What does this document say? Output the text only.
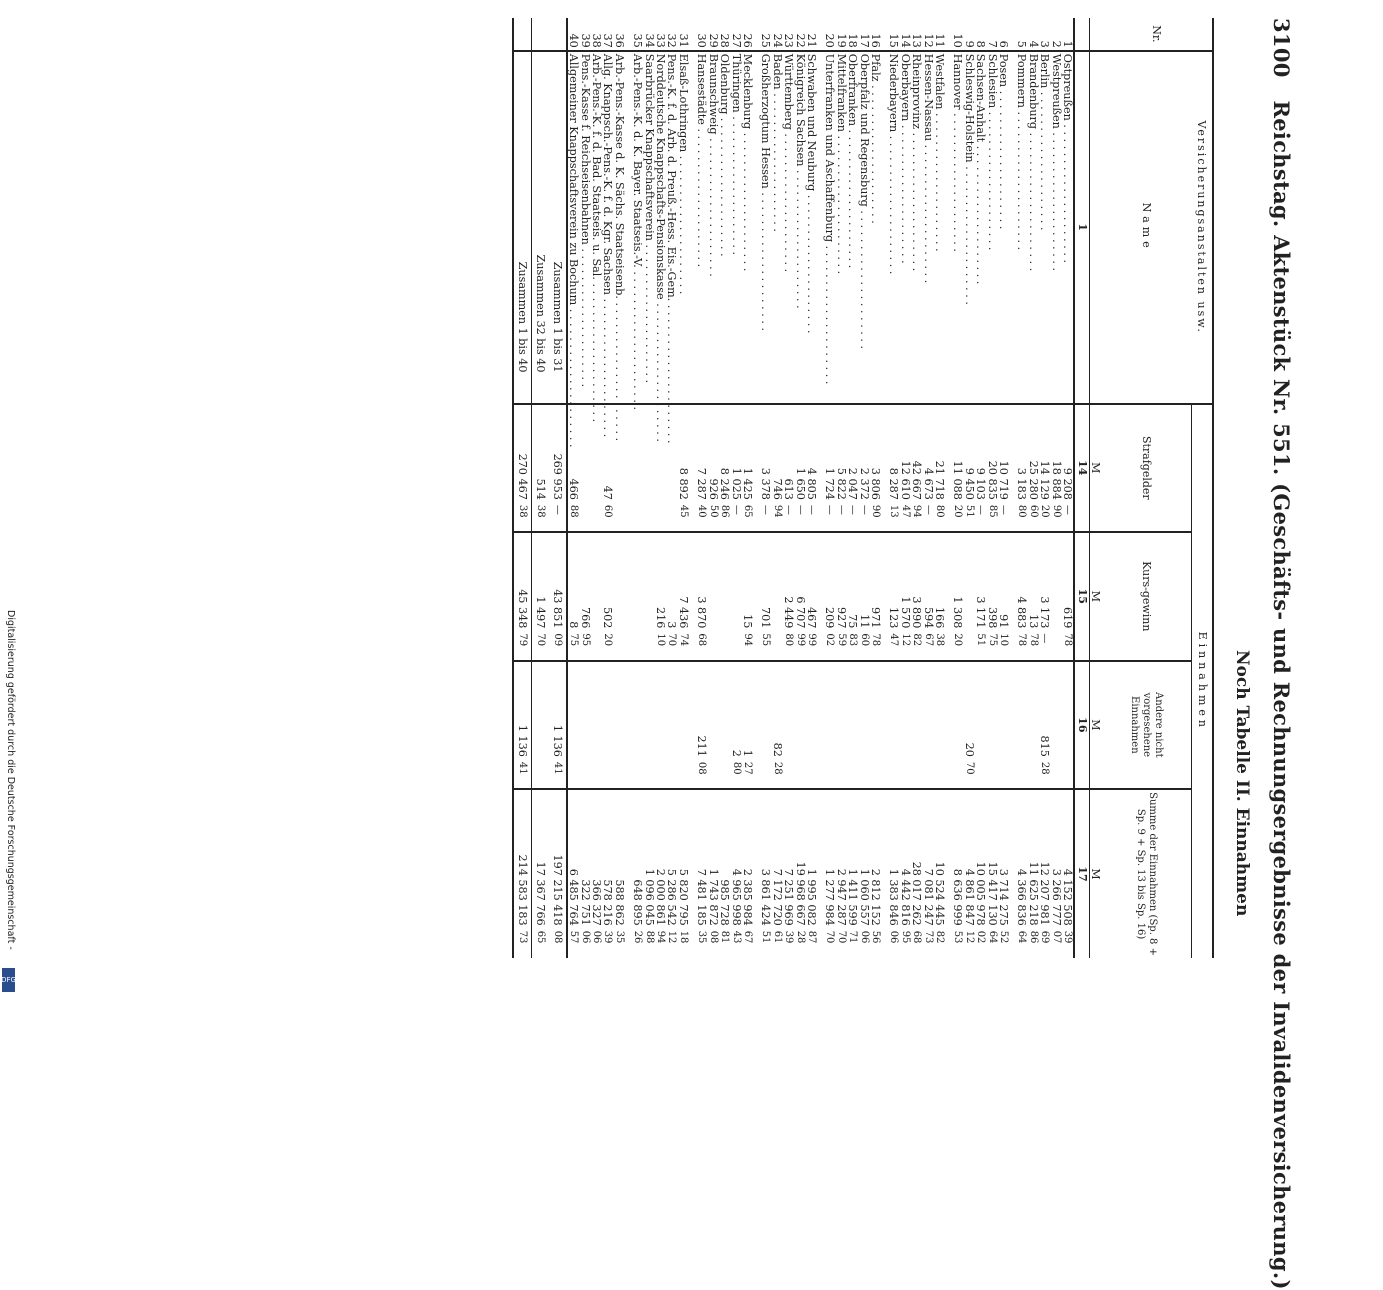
3100   Reichstag. Aktenstück Nr. 551. (Geschäfts- und Rechnungsergebnisse der Invalidenversicherung.)
Noch Tabelle II. Einnahmen
Nr.	Versicherungsanstalten usw.	Einnahmen							
	Name	Strafgelder		Kurs-gewinn		Andere nicht vorgesehene Einnahmen		Summe der Einnahmen (Sp. 8 + Sp. 9 + Sp. 13 bis Sp. 16)	
		M		M		M		M	
	1	14		15		16		17	
1	Ostpreußen . . . . . . . . . . . . . . . . . . . .	9 208	—	619	78			4 152 508	39
2	Westpreußen . . . . . . . . . . . . . . . . . . . .	18 884	90					3 266 777	07
3	Berlin . . . . . . . . . . . . . . . . . . . .	14 129	20	3 173	—	815	28	12 207 981	69
4	Brandenburg . . . . . . . . . . . . . . . . . . . .	25 280	60	13	78			11 625 218	86
5	Pommern . . . . . . . . . . . . . . . . . . . .	3 183	80	4 883	78			4 366 836	64

6	Posen . . . . . . . . . . . . . . . . . . . .	10 719	—	91	10			3 714 275	52
7	Schlesien . . . . . . . . . . . . . . . . . . . .	20 835	85	398	75			15 417 130	64
8	Sachsen-Anhalt . . . . . . . . . . . . . . . . . . . .	9 103	—	3 171	51			10 005 978	02
9	Schleswig-Holstein . . . . . . . . . . . . . . . . . . . .	9 450	51			20	70	4 861 847	12
10	Hannover . . . . . . . . . . . . . . . . . . . .	11 088	20	1 308	20			8 636 999	53

11	Westfalen . . . . . . . . . . . . . . . . . . . .	21 718	80	166	38			10 524 445	82
12	Hessen-Nassau . . . . . . . . . . . . . . . . . . . .	4 673	—	594	67			7 081 247	73
13	Rheinprovinz . . . . . . . . . . . . . . . . . . . .	42 667	94	3 890	82			28 017 262	68
14	Oberbayern . . . . . . . . . . . . . . . . . . . .	12 610	47	1 570	12			4 442 816	95
15	Niederbayern . . . . . . . . . . . . . . . . . . . .	8 287	13	123	47			1 383 846	06

16	Pfalz . . . . . . . . . . . . . . . . . . . .	3 806	90	971	78			2 812 152	56
17	Oberpfalz und Regensburg . . . . . . . . . . . . . . . . . . . .	2 372	—	11	60			1 060 557	06
18	Oberfranken . . . . . . . . . . . . . . . . . . . .	2 047	—	75	83			1 411 599	71
19	Mittelfranken . . . . . . . . . . . . . . . . . . . .	5 822	—	927	59			2 947 287	70
20	Unterfranken und Aschaffenburg . . . . . . . . . . . . . . . . . . . .	1 724	—	209	02			1 277 984	70

21	Schwaben und Neuburg . . . . . . . . . . . . . . . . . . . .	4 805	—	467	99			1 995 082	87
22	Königreich Sachsen . . . . . . . . . . . . . . . . . . . .	1 650	—	6 707	99			19 968 667	28
23	Württemberg . . . . . . . . . . . . . . . . . . . .	613	—	2 449	80			7 251 969	39
24	Baden . . . . . . . . . . . . . . . . . . . .	746	94			82	28	7 172 720	61
25	Großherzogtum Hessen . . . . . . . . . . . . . . . . . . . .	3 378	—	701	55			3 861 424	51

26	Mecklenburg . . . . . . . . . . . . . . . . . . . .	1 425	65	15	94	1	27	2 385 984	67
27	Thüringen . . . . . . . . . . . . . . . . . . . .	1 025	—			2	80	4 965 998	43
28	Oldenburg . . . . . . . . . . . . . . . . . . . .	8 246	86					985 728	81
29	Braunschweig . . . . . . . . . . . . . . . . . . . .	926	50					1 743 872	08
30	Hansestädte . . . . . . . . . . . . . . . . . . . .	7 287	40	3 870	68	211	08	7 481 185	35

31	Elsaß-Lothringen . . . . . . . . . . . . . . . . . . . .	8 892	45	7 436	74			5 820 795	18
32	Pens.-K. f. d. Arb. d. Preuß.-Hess. Eis.-Gem. . . . . . . . . . . . . . . . . . . . .			3	70			5 286 542	12
33	Norddeutsche Knappschafts-Pensionskasse . . . . . . . . . . . . . . . . . . . .			216	10			2 000 861	94
34	Saarbrücker Knappschaftsverein . . . . . . . . . . . . . . . . . . . .							1 096 045	88
35	Arb.-Pens.-K. d. K. Bayer. Staatseis.-V. . . . . . . . . . . . . . . . . . . . .							648 895	26

36	Arb.-Pens.-Kasse d. K. Sächs. Staatseisenb. . . . . . . . . . . . . . . . . . . . .							588 862	35
37	Allg. Knappsch.-Pens.-K. f. d. Kgr. Sachsen . . . . . . . . . . . . . . . . . . . .	47	60	502	20			578 216	39
38	Arb.-Pens.-K. f. d. Bad. Staatseis. u. Sal. . . . . . . . . . . . . . . . . . . . .							366 327	06
39	Pens.-Kasse f. Reichseisenbahnen . . . . . . . . . . . . . . . . . . . .			766	95			322 751	06
40	Allgemeiner Knappschaftsverein zu Bochum . . . . . . . . . . . . . . . . . . . .	466	88	8	75			6 485 764	57
	Zusammen 1 bis 31	269 953	—	43 851	09	1 136	41	197 215 418	08
	Zusammen 32 bis 40	514	38	1 497	70			17 367 766	65
	Zusammen 1 bis 40	270 467	38	45 348	79	1 136	41	214 583 183	73
Digitalisierung gefördert durch die Deutsche Forschungsgemeinschaft -
DFG
